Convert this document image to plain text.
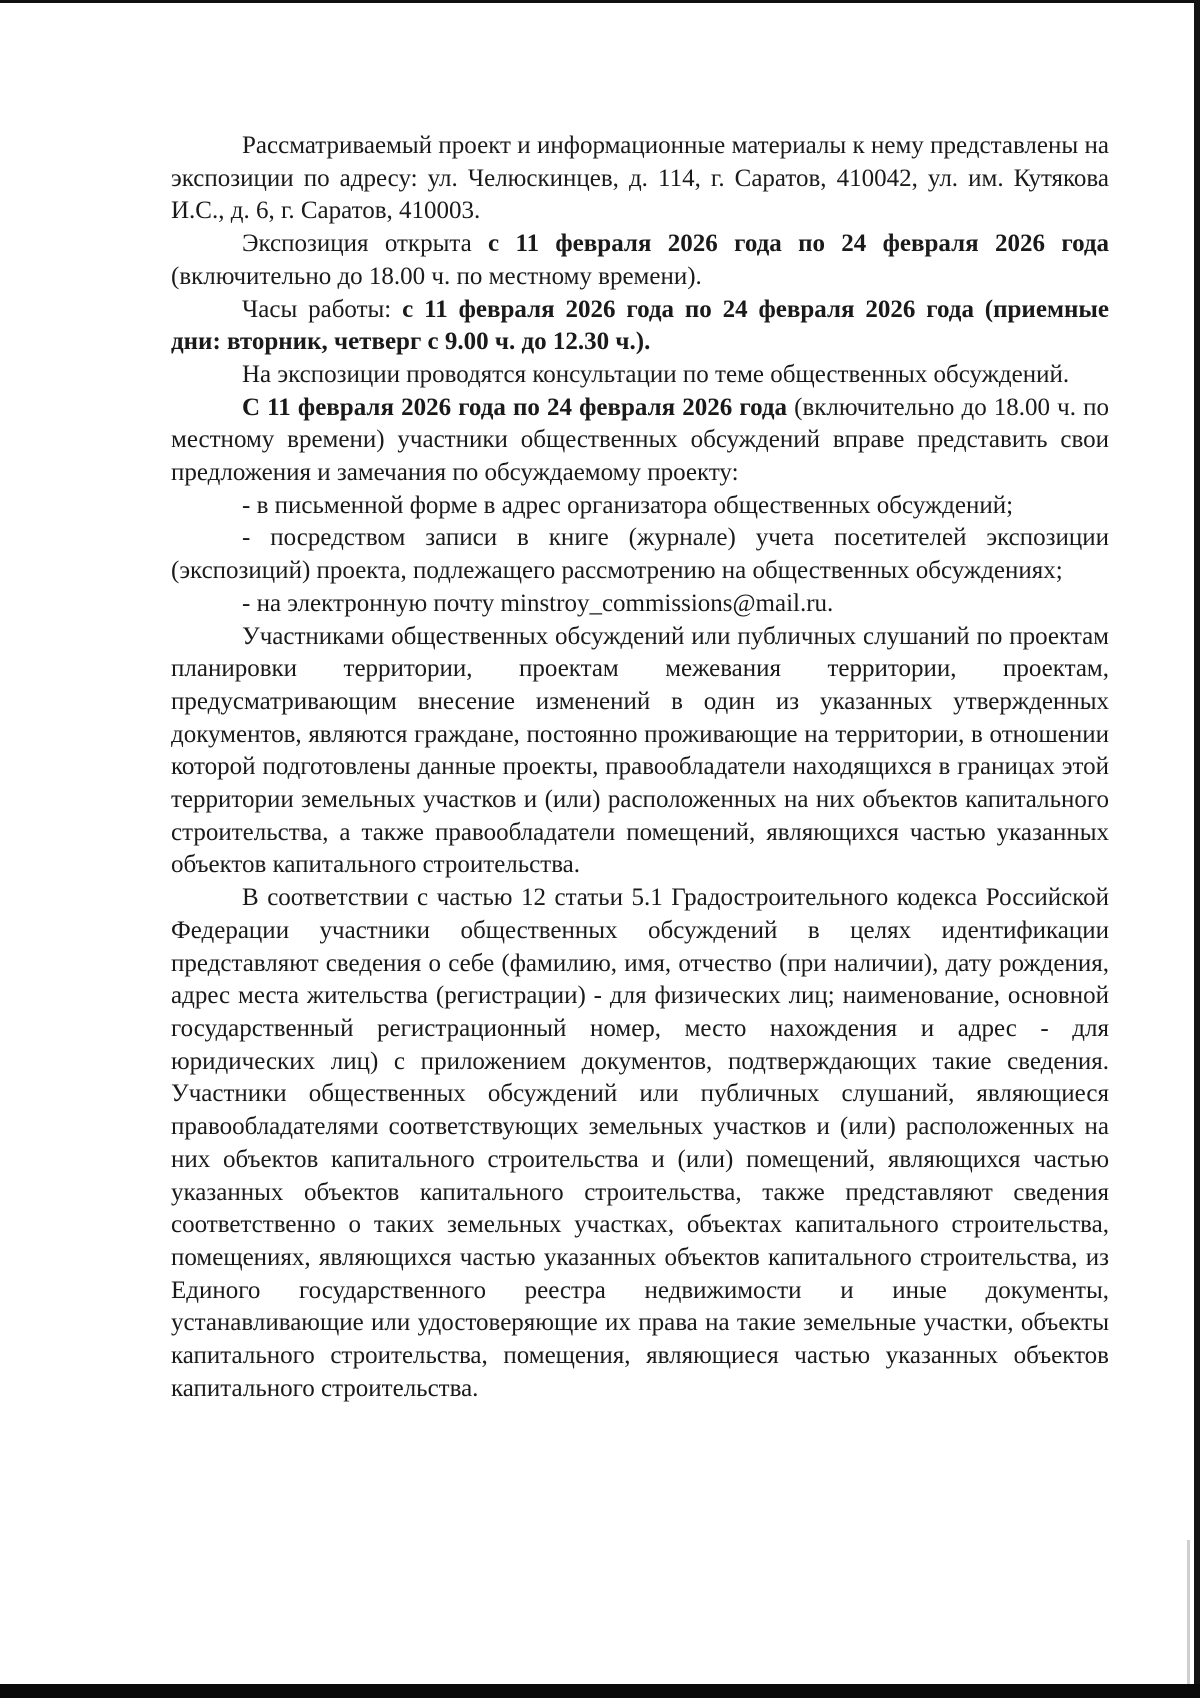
Рассматриваемый проект и информационные материалы к нему представлены на экспозиции по адресу: ул. Челюскинцев, д. 114, г. Саратов, 410042, ул. им. Кутякова И.С., д. 6, г. Саратов, 410003.

Экспозиция открыта с 11 февраля 2026 года по 24 февраля 2026 года (включительно до 18.00 ч. по местному времени).

Часы работы: с 11 февраля 2026 года по 24 февраля 2026 года (приемные дни: вторник, четверг с 9.00 ч. до 12.30 ч.).

На экспозиции проводятся консультации по теме общественных обсуждений.

С 11 февраля 2026 года по 24 февраля 2026 года (включительно до 18.00 ч. по местному времени) участники общественных обсуждений вправе представить свои предложения и замечания по обсуждаемому проекту:

- в письменной форме в адрес организатора общественных обсуждений;

- посредством записи в книге (журнале) учета посетителей экспозиции (экспозиций) проекта, подлежащего рассмотрению на общественных обсуждениях;

- на электронную почту minstroy_commissions@mail.ru.

Участниками общественных обсуждений или публичных слушаний по проектам планировки территории, проектам межевания территории, проектам, предусматривающим внесение изменений в один из указанных утвержденных документов, являются граждане, постоянно проживающие на территории, в отношении которой подготовлены данные проекты, правообладатели находящихся в границах этой территории земельных участков и (или) расположенных на них объектов капитального строительства, а также правообладатели помещений, являющихся частью указанных объектов капитального строительства.

В соответствии с частью 12 статьи 5.1 Градостроительного кодекса Российской Федерации участники общественных обсуждений в целях идентификации представляют сведения о себе (фамилию, имя, отчество (при наличии), дату рождения, адрес места жительства (регистрации) - для физических лиц; наименование, основной государственный регистрационный номер, место нахождения и адрес - для юридических лиц) с приложением документов, подтверждающих такие сведения. Участники общественных обсуждений или публичных слушаний, являющиеся правообладателями соответствующих земельных участков и (или) расположенных на них объектов капитального строительства и (или) помещений, являющихся частью указанных объектов капитального строительства, также представляют сведения соответственно о таких земельных участках, объектах капитального строительства, помещениях, являющихся частью указанных объектов капитального строительства, из Единого государственного реестра недвижимости и иные документы, устанавливающие или удостоверяющие их права на такие земельные участки, объекты капитального строительства, помещения, являющиеся частью указанных объектов капитального строительства.
